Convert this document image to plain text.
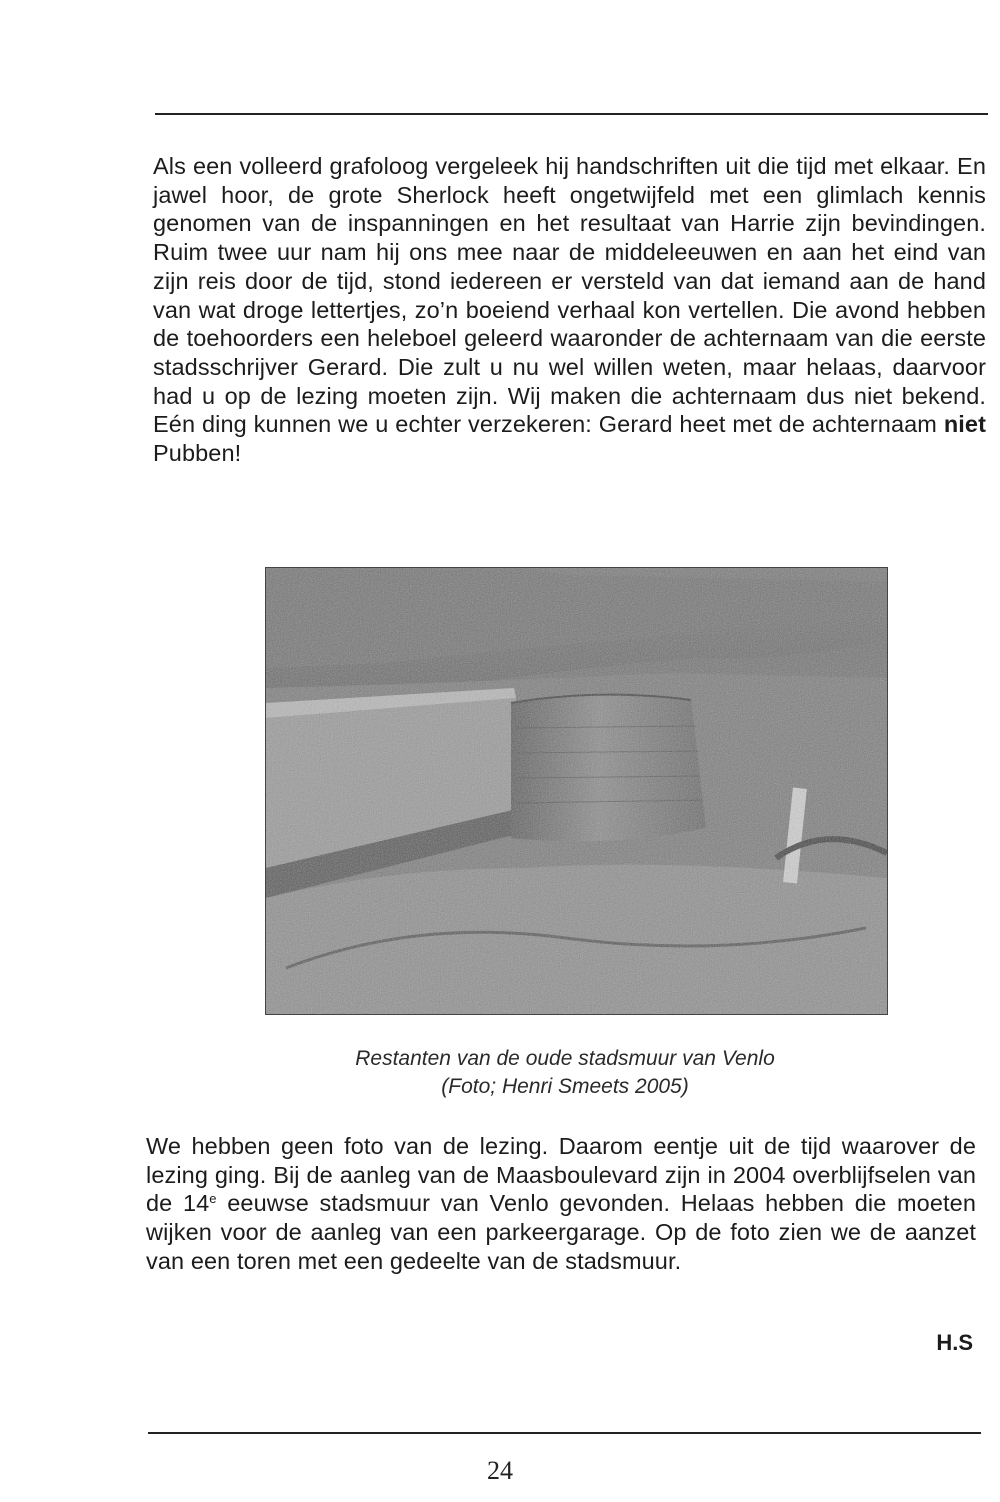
Als een volleerd grafoloog vergeleek hij handschriften uit die tijd met elkaar. En jawel hoor, de grote Sherlock heeft ongetwijfeld met een glimlach kennis genomen van de inspanningen en het resultaat van Harrie zijn bevindingen. Ruim twee uur nam hij ons mee naar de middeleeuwen en aan het eind van zijn reis door de tijd, stond iedereen er versteld van dat iemand aan de hand van wat droge lettertjes, zo’n boeiend verhaal kon vertellen. Die avond hebben de toehoorders een heleboel geleerd waaronder de achternaam van die eerste stadsschrijver Gerard. Die zult u nu wel willen weten, maar helaas, daarvoor had u op de lezing moeten zijn. Wij maken die achternaam dus niet bekend. Eén ding kunnen we u echter verzekeren: Gerard heet met de achternaam niet Pubben!

Restanten van de oude stadsmuur van Venlo
(Foto; Henri Smeets 2005)

We hebben geen foto van de lezing. Daarom eentje uit de tijd waarover de lezing ging. Bij de aanleg van de Maasboulevard zijn in 2004 overblijfselen van de 14e eeuwse stadsmuur van Venlo gevonden. Helaas hebben die moeten wijken voor de aanleg van een parkeergarage. Op de foto zien we de aanzet van een toren met een gedeelte van de stadsmuur.

H.S
24
